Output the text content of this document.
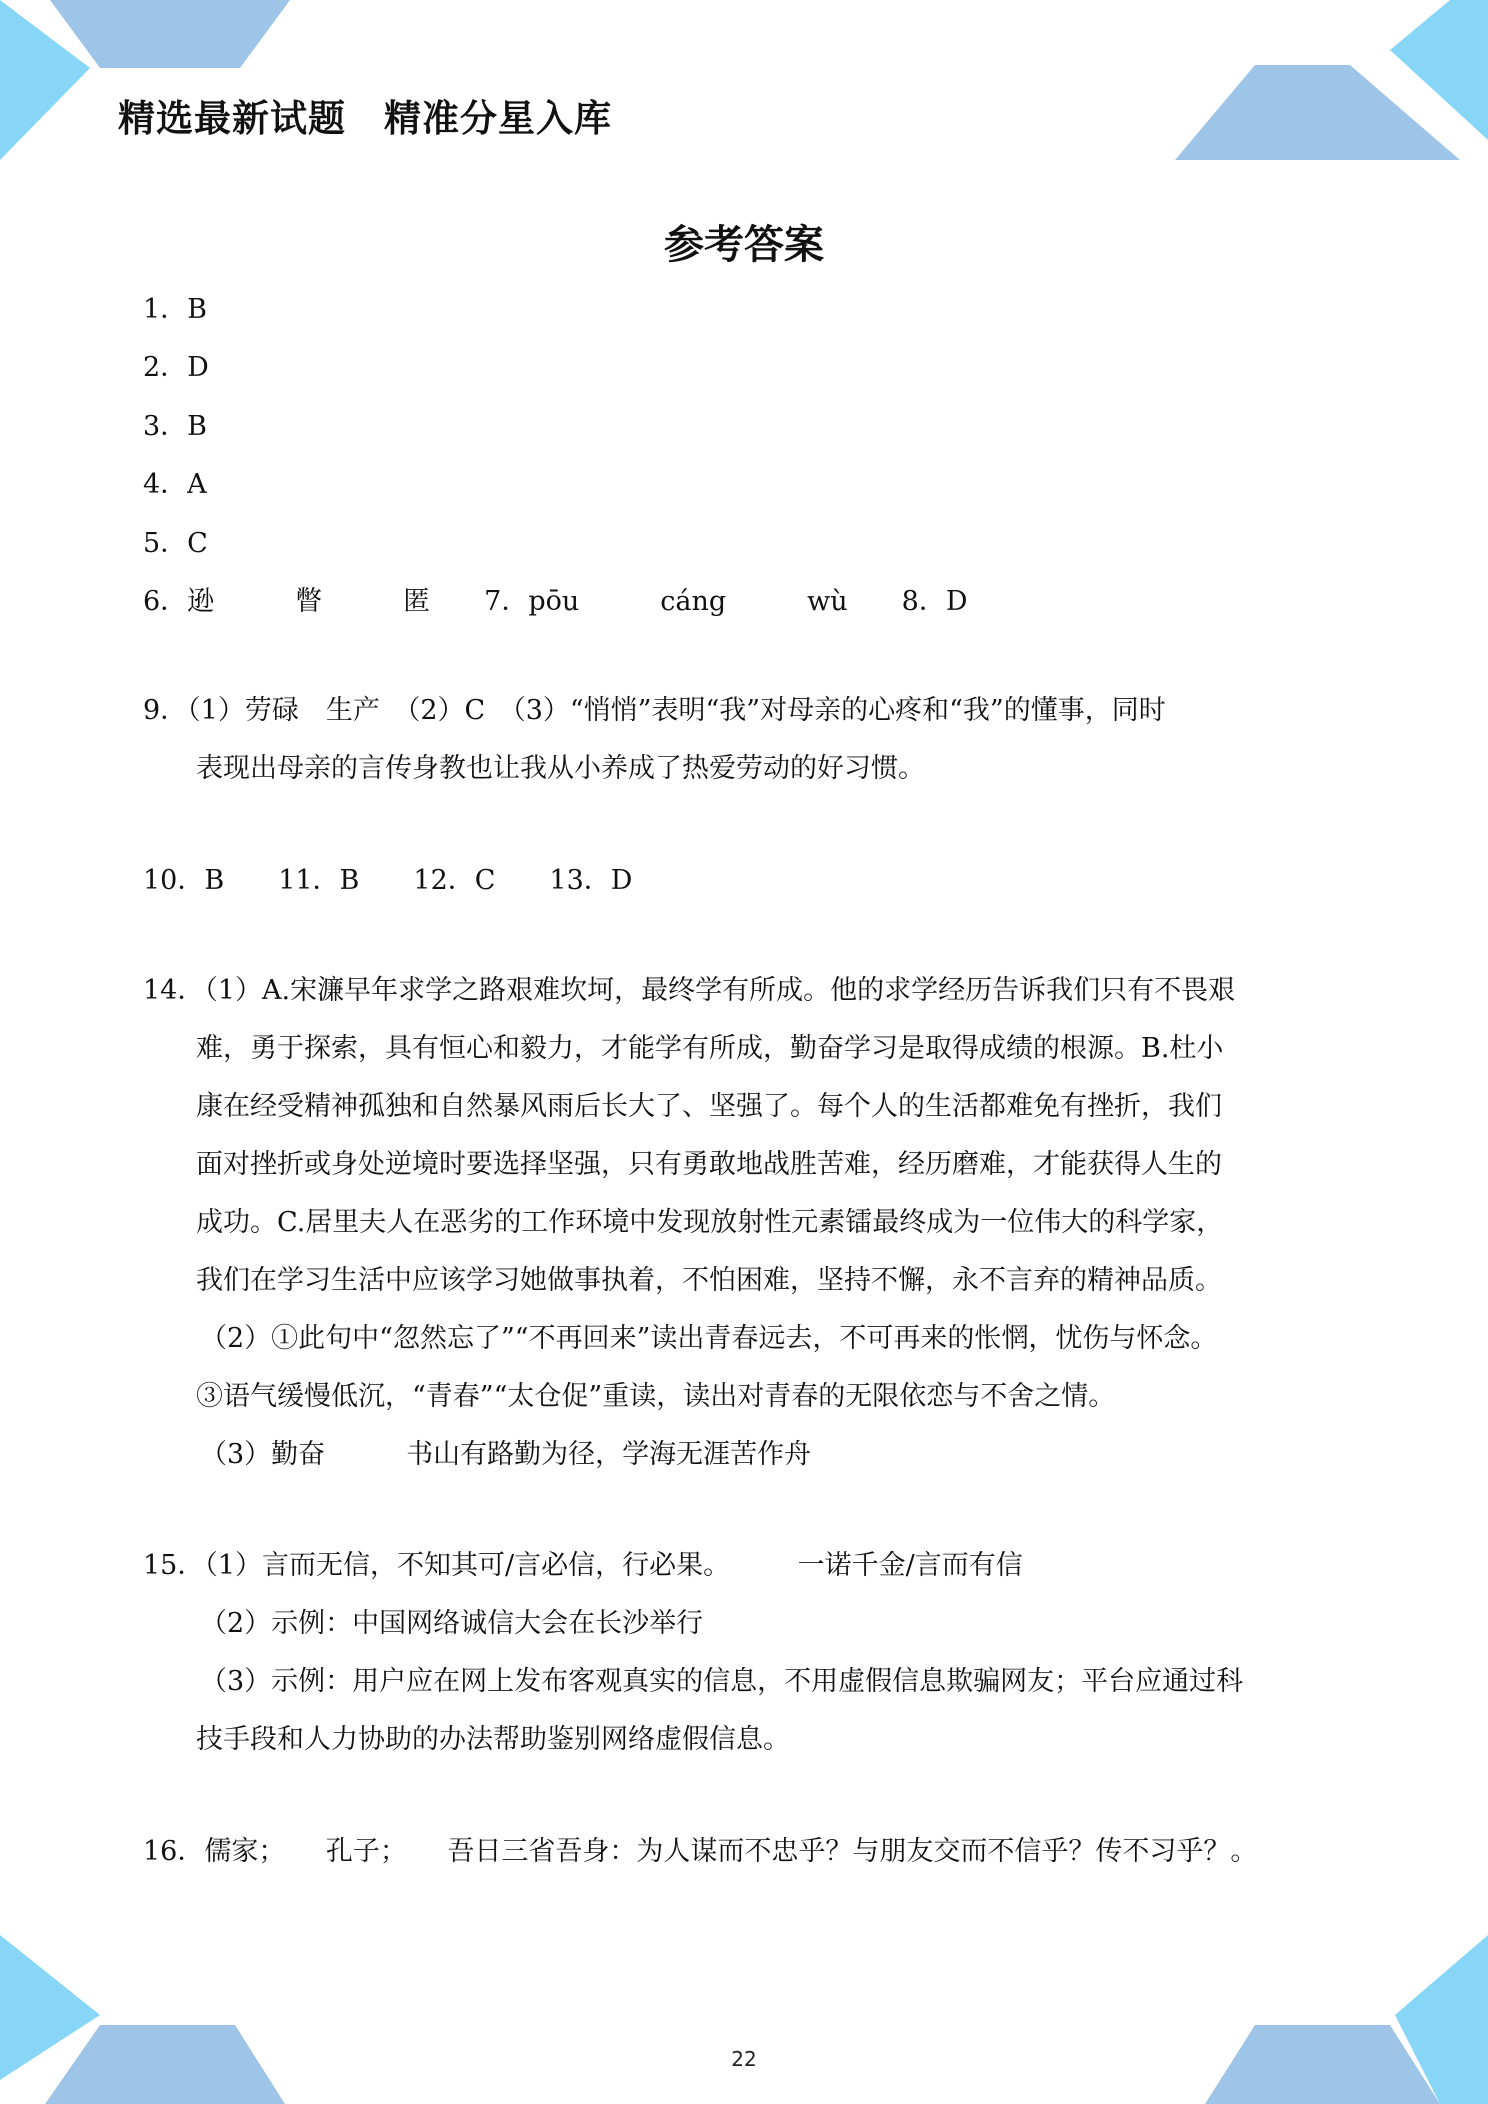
精选最新试题　精准分星入库
参考答案
1．B
2．D
3．B
4．A
5．C
6．逊　　　瞥　　　匿　　7．pōu　　　cáng　　　wù　　8．D
9．（1）劳碌　生产　（2）C　（3）“悄悄”表明“我”对母亲的心疼和“我”的懂事，同时
表现出母亲的言传身教也让我从小养成了热爱劳动的好习惯。
10．B　　11．B　　12．C　　13．D
14．（1）A.宋濂早年求学之路艰难坎坷，最终学有所成。他的求学经历告诉我们只有不畏艰
难，勇于探索，具有恒心和毅力，才能学有所成，勤奋学习是取得成绩的根源。B.杜小
康在经受精神孤独和自然暴风雨后长大了、坚强了。每个人的生活都难免有挫折，我们
面对挫折或身处逆境时要选择坚强，只有勇敢地战胜苦难，经历磨难，才能获得人生的
成功。C.居里夫人在恶劣的工作环境中发现放射性元素镭最终成为一位伟大的科学家，
我们在学习生活中应该学习她做事执着，不怕困难，坚持不懈，永不言弃的精神品质。
（2）①此句中“忽然忘了”“不再回来”读出青春远去，不可再来的怅惘，忧伤与怀念。
③语气缓慢低沉，“青春”“太仓促”重读，读出对青春的无限依恋与不舍之情。
（3）勤奋　　　书山有路勤为径，学海无涯苦作舟
15．（1）言而无信，不知其可/言必信，行必果。　　　一诺千金/言而有信
（2）示例：中国网络诚信大会在长沙举行
（3）示例：用户应在网上发布客观真实的信息，不用虚假信息欺骗网友；平台应通过科
技手段和人力协助的办法帮助鉴别网络虚假信息。
16．儒家；　　孔子；　　吾日三省吾身：为人谋而不忠乎？与朋友交而不信乎？传不习乎？。
22
